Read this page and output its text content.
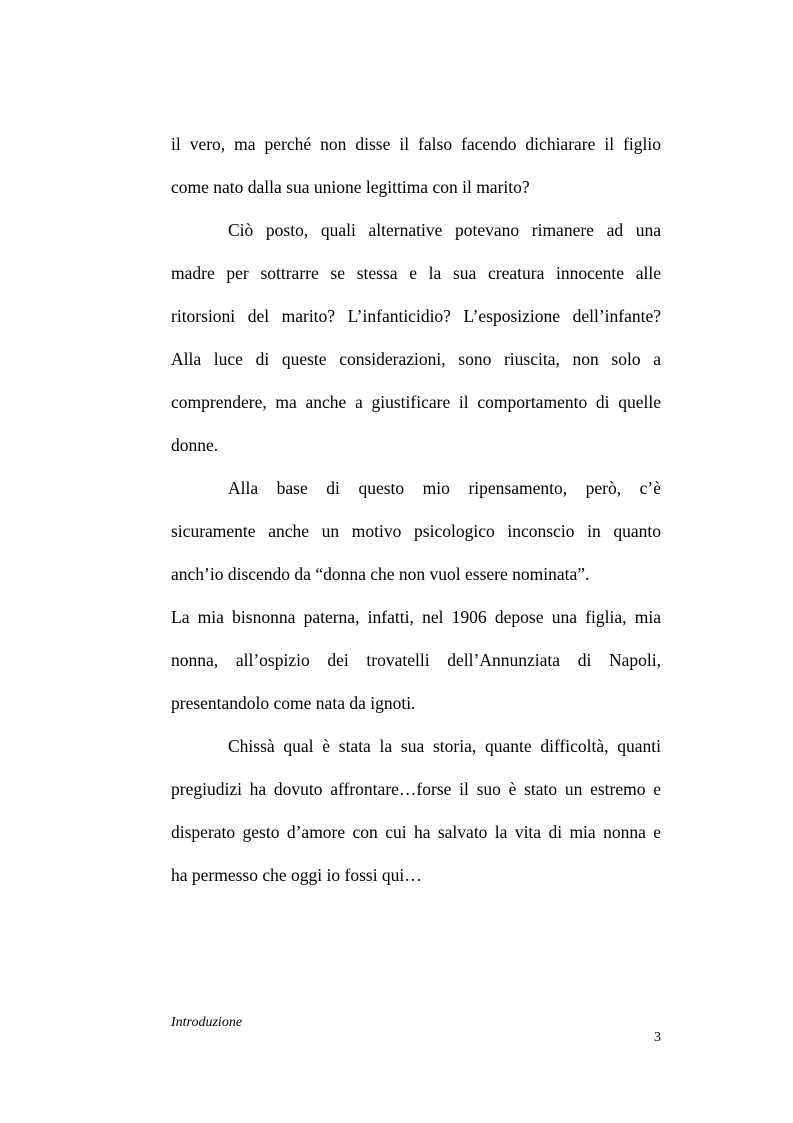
il vero, ma perché non disse il falso facendo dichiarare il figlio
come nato dalla sua unione legittima con il marito?
Ciò posto, quali alternative potevano rimanere ad una
madre per sottrarre se stessa e la sua creatura innocente alle
ritorsioni del marito? L’infanticidio? L’esposizione dell’infante?
Alla luce di queste considerazioni, sono riuscita, non solo a
comprendere, ma anche a giustificare il comportamento di quelle
donne.
Alla base di questo mio ripensamento, però, c’è
sicuramente anche un motivo psicologico inconscio in quanto
anch’io discendo da “donna che non vuol essere nominata”.
La mia bisnonna paterna, infatti, nel 1906 depose una figlia, mia
nonna, all’ospizio dei trovatelli dell’Annunziata di Napoli,
presentandolo come nata da ignoti.
Chissà qual è stata la sua storia, quante difficoltà, quanti
pregiudizi ha dovuto affrontare…forse il suo è stato un estremo e
disperato gesto d’amore con cui ha salvato la vita di mia nonna e
ha permesso che oggi io fossi qui…
Introduzione
3
